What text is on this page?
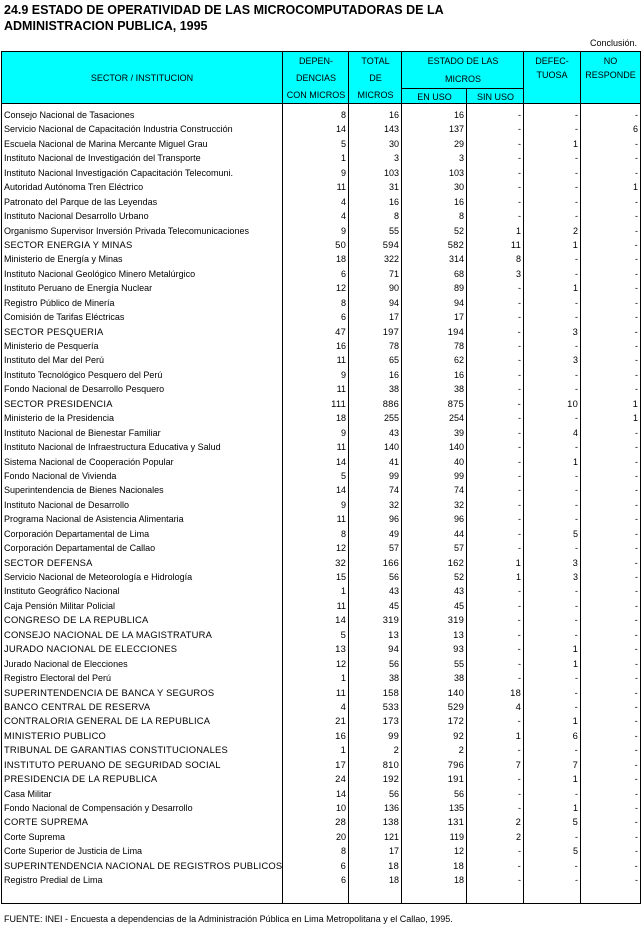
24.9 ESTADO DE OPERATIVIDAD DE LAS MICROCOMPUTADORAS DE LA
ADMINISTRACION PUBLICA, 1995
Conclusión.
SECTOR / INSTITUCION
DEPEN-
DENCIAS
CON MICROS
TOTAL
DE
MICROS
ESTADO DE LAS
MICROS
EN USO	SIN USO
DEFEC-
TUOSA
NO
RESPONDE
Consejo Nacional de Tasaciones	8	16	16	-	-	-
Servicio Nacional de Capacitación Industria Construcción	14	143	137	-	-	6
Escuela Nacional de Marina Mercante Miguel Grau	5	30	29	-	1	-
Instituto Nacional de Investigación del Transporte	1	3	3	-	-	-
Instituto Nacional Investigación Capacitación Telecomuni.	9	103	103	-	-	-
Autoridad Autónoma Tren Eléctrico	11	31	30	-	-	1
Patronato del Parque de las Leyendas	4	16	16	-	-	-
Instituto Nacional Desarrollo Urbano	4	8	8	-	-	-
Organismo Supervisor Inversión Privada Telecomunicaciones	9	55	52	1	2	-
SECTOR ENERGIA Y MINAS	50	594	582	11	1	-
Ministerio de Energía y Minas	18	322	314	8	-	-
Instituto Nacional Geológico Minero Metalúrgico	6	71	68	3	-	-
Instituto Peruano de Energía Nuclear	12	90	89	-	1	-
Registro Público de Minería	8	94	94	-	-	-
Comisión de Tarifas Eléctricas	6	17	17	-	-	-
SECTOR PESQUERIA	47	197	194	-	3	-
Ministerio de Pesquería	16	78	78	-	-	-
Instituto del Mar del Perú	11	65	62	-	3	-
Instituto Tecnológico Pesquero del Perú	9	16	16	-	-	-
Fondo Nacional de Desarrollo Pesquero	11	38	38	-	-	-
SECTOR PRESIDENCIA	111	886	875	-	10	1
Ministerio de la Presidencia	18	255	254	-	-	1
Instituto Nacional de Bienestar Familiar	9	43	39	-	4	-
Instituto Nacional de Infraestructura Educativa y Salud	11	140	140	-	-	-
Sistema Nacional de Cooperación Popular	14	41	40	-	1	-
Fondo Nacional de Vivienda	5	99	99	-	-	-
Superintendencia de Bienes Nacionales	14	74	74	-	-	-
Instituto Nacional de Desarrollo	9	32	32	-	-	-
Programa Nacional de Asistencia Alimentaria	11	96	96	-	-	-
Corporación Departamental de Lima	8	49	44	-	5	-
Corporación Departamental de Callao	12	57	57	-	-	-
SECTOR DEFENSA	32	166	162	1	3	-
Servicio Nacional de Meteorología e Hidrología	15	56	52	1	3	-
Instituto Geográfico Nacional	1	43	43	-	-	-
Caja Pensión Militar Policial	11	45	45	-	-	-
CONGRESO DE LA REPUBLICA	14	319	319	-	-	-
CONSEJO NACIONAL DE LA MAGISTRATURA	5	13	13	-	-	-
JURADO NACIONAL DE ELECCIONES	13	94	93	-	1	-
Jurado Nacional de Elecciones	12	56	55	-	1	-
Registro Electoral del Perú	1	38	38	-	-	-
SUPERINTENDENCIA DE BANCA Y SEGUROS	11	158	140	18	-	-
BANCO CENTRAL DE RESERVA	4	533	529	4	-	-
CONTRALORIA GENERAL DE LA REPUBLICA	21	173	172	-	1	-
MINISTERIO PUBLICO	16	99	92	1	6	-
TRIBUNAL DE GARANTIAS CONSTITUCIONALES	1	2	2	-	-	-
INSTITUTO PERUANO DE SEGURIDAD SOCIAL	17	810	796	7	7	-
PRESIDENCIA DE LA REPUBLICA	24	192	191	-	1	-
Casa Militar	14	56	56	-	-	-
Fondo Nacional de Compensación y Desarrollo	10	136	135	-	1	-
CORTE SUPREMA	28	138	131	2	5	-
Corte Suprema	20	121	119	2	-	-
Corte Superior de Justicia de Lima	8	17	12	-	5	-
SUPERINTENDENCIA NACIONAL DE REGISTROS PUBLICOS	6	18	18	-	-	-
Registro Predial de Lima	6	18	18	-	-	-
FUENTE: INEI - Encuesta a dependencias de la Administración Pública en Lima Metropolitana y el Callao, 1995.
